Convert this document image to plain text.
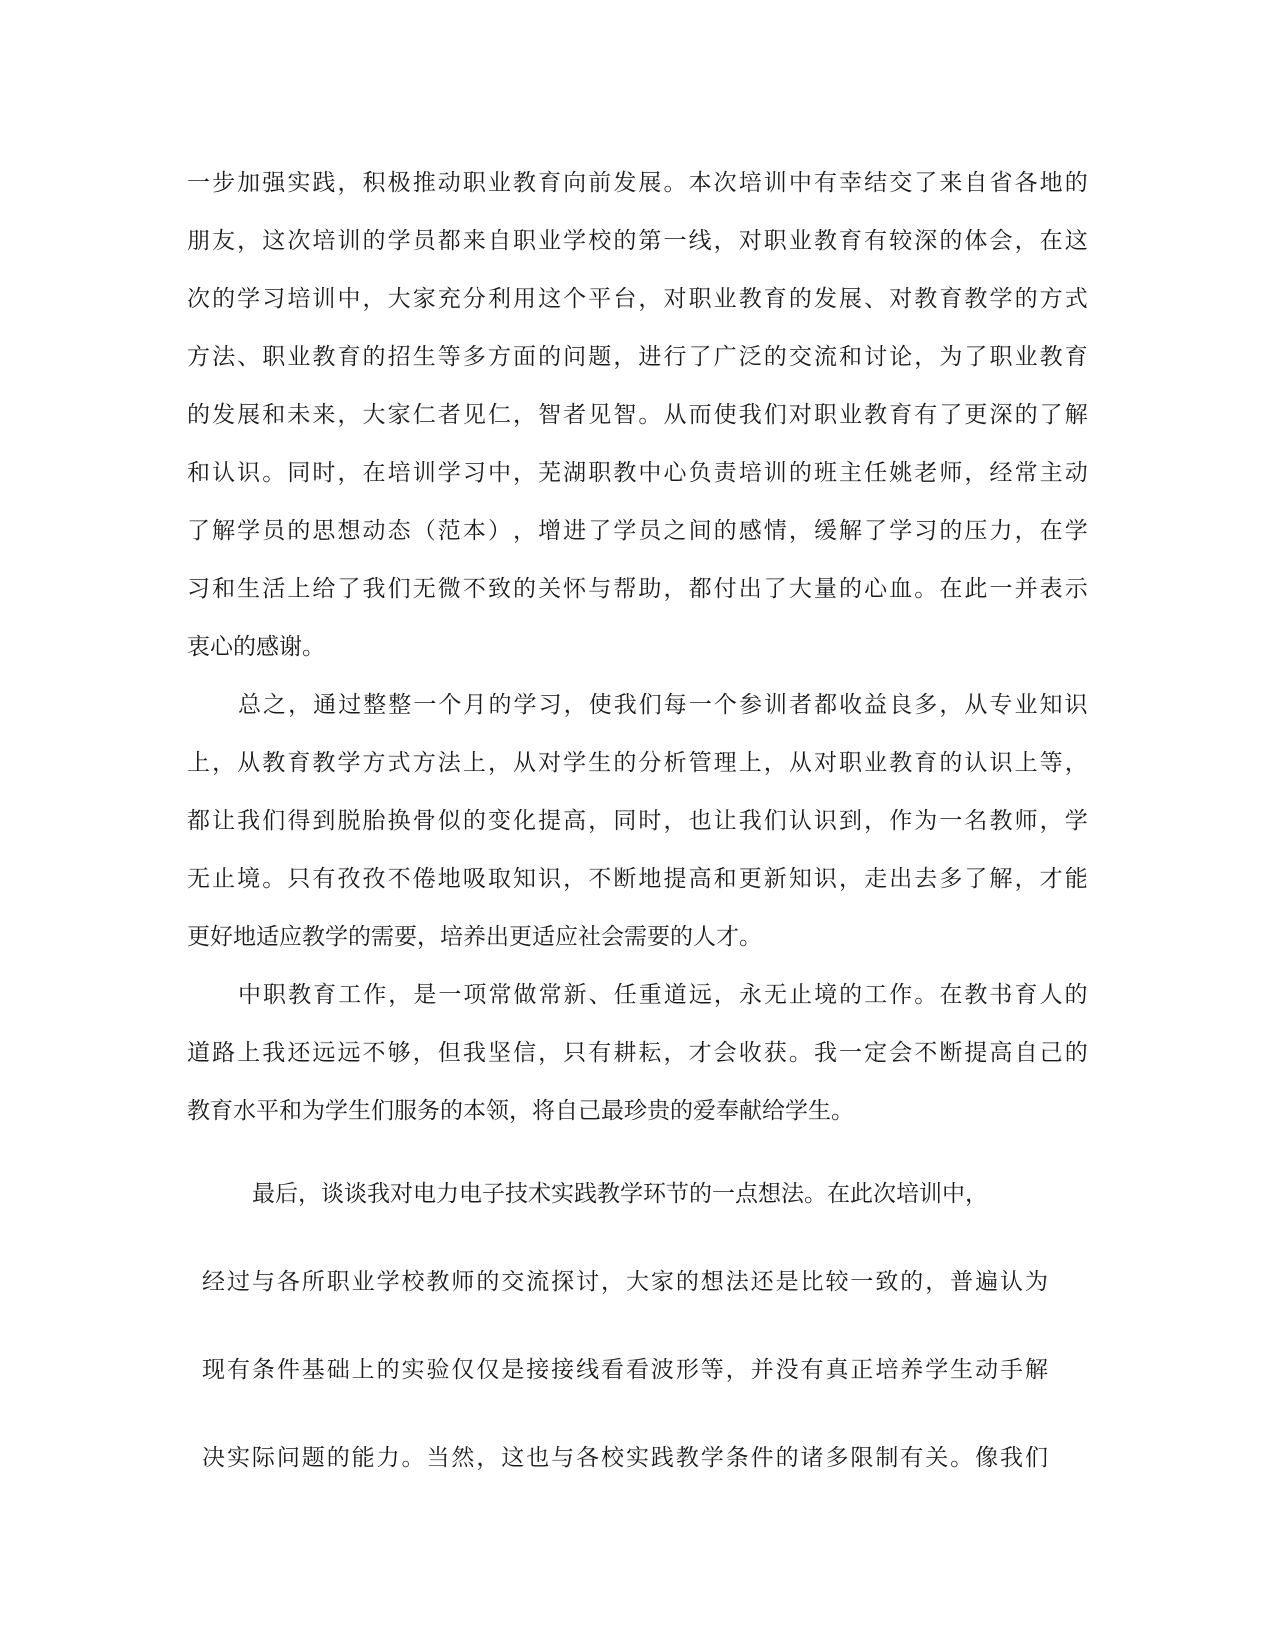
一 步 加 强 实 践 ， 积 极 推 动 职 业 教 育 向 前 发 展 。 本 次 培 训 中 有 幸 结 交 了 来 自 省 各 地 的
朋 友 ， 这 次 培 训 的 学 员 都 来 自 职 业 学 校 的 第 一 线 ， 对 职 业 教 育 有 较 深 的 体 会 ， 在 这
次 的 学 习 培 训 中 ， 大 家 充 分 利 用 这 个 平 台 ， 对 职 业 教 育 的 发 展 、 对 教 育 教 学 的 方 式
方 法 、 职 业 教 育 的 招 生 等 多 方 面 的 问 题 ， 进 行 了 广 泛 的 交 流 和 讨 论 ， 为 了 职 业 教 育
的 发 展 和 未 来 ， 大 家 仁 者 见 仁 ， 智 者 见 智 。 从 而 使 我 们 对 职 业 教 育 有 了 更 深 的 了 解
和 认 识 。 同 时 ， 在 培 训 学 习 中 ， 芜 湖 职 教 中 心 负 责 培 训 的 班 主 任 姚 老 师 ， 经 常 主 动
了 解 学 员 的 思 想 动 态 （ 范 本 ） ， 增 进 了 学 员 之 间 的 感 情 ， 缓 解 了 学 习 的 压 力 ， 在 学
习 和 生 活 上 给 了 我 们 无 微 不 致 的 关 怀 与 帮 助 ， 都 付 出 了 大 量 的 心 血 。 在 此 一 并 表 示
衷心的感谢。
总 之 ， 通 过 整 整 一 个 月 的 学 习 ， 使 我 们 每 一 个 参 训 者 都 收 益 良 多 ， 从 专 业 知 识
上 ， 从 教 育 教 学 方 式 方 法 上 ， 从 对 学 生 的 分 析 管 理 上 ， 从 对 职 业 教 育 的 认 识 上 等 ，
都 让 我 们 得 到 脱 胎 换 骨 似 的 变 化 提 高 ， 同 时 ， 也 让 我 们 认 识 到 ， 作 为 一 名 教 师 ， 学
无 止 境 。 只 有 孜 孜 不 倦 地 吸 取 知 识 ， 不 断 地 提 高 和 更 新 知 识 ， 走 出 去 多 了 解 ， 才 能
更好地适应教学的需要，培养出更适应社会需要的人才。
中 职 教 育 工 作 ， 是 一 项 常 做 常 新 、 任 重 道 远 ， 永 无 止 境 的 工 作 。 在 教 书 育 人 的
道 路 上 我 还 远 远 不 够 ， 但 我 坚 信 ， 只 有 耕 耘 ， 才 会 收 获 。 我 一 定 会 不 断 提 高 自 己 的
教育水平和为学生们服务的本领，将自己最珍贵的爱奉献给学生。
最后，谈谈我对电力电子技术实践教学环节的一点想法。在此次培训中，
经 过 与 各 所 职 业 学 校 教 师 的 交 流 探 讨 ， 大 家 的 想 法 还 是 比 较 一 致 的 ， 普 遍 认 为
现 有 条 件 基 础 上 的 实 验 仅 仅 是 接 接 线 看 看 波 形 等 ， 并 没 有 真 正 培 养 学 生 动 手 解
决 实 际 问 题 的 能 力 。 当 然 ， 这 也 与 各 校 实 践 教 学 条 件 的 诸 多 限 制 有 关 。 像 我 们
